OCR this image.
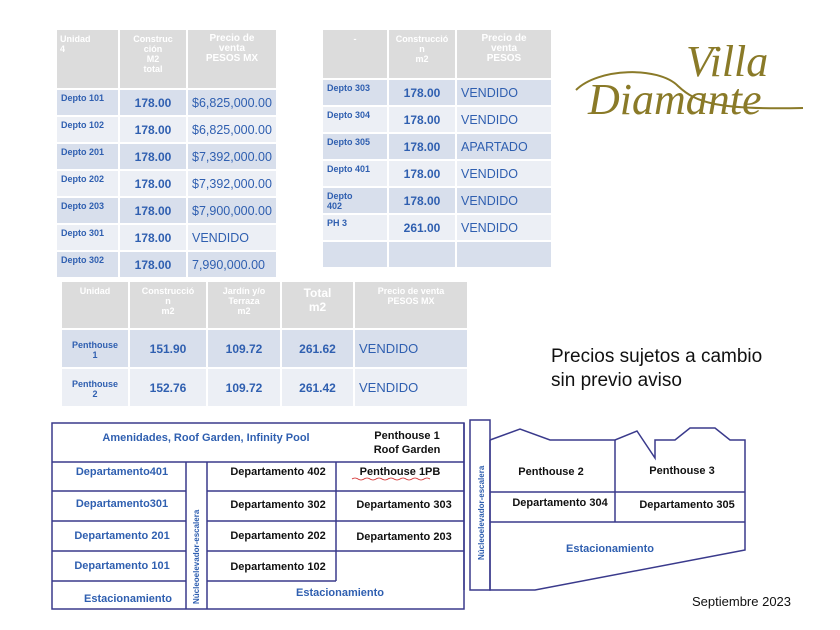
Unidad
4	Construc
ción
M2
total	Precio de
venta
PESOS MX
Depto 101	178.00	$6,825,000.00
Depto 102	178.00	$6,825,000.00
Depto 201	178.00	$7,392,000.00
Depto 202	178.00	$7,392,000.00
Depto 203	178.00	$7,900,000.00
Depto 301	178.00	VENDIDO
Depto 302	178.00	7,990,000.00
-	Construcció
n
m2	Precio de
venta
PESOS
Depto 303	178.00	VENDIDO
Depto 304	178.00	VENDIDO
Depto 305	178.00	APARTADO
Depto 401	178.00	VENDIDO
Depto
402	178.00	VENDIDO
PH 3	261.00	VENDIDO

Unidad	Construcció
n
m2	Jardín y/o
Terraza
m2	Total
m2	Precio de venta
PESOS MX
Penthouse
1	151.90	109.72	261.62	VENDIDO
Penthouse
2	152.76	109.72	261.42	VENDIDO
Villa
Diamante
Precios sujetos a cambio
sin previo aviso
Amenidades, Roof Garden, Infinity Pool	Penthouse 1
Roof Garden
Departamento401
Departamento301
Departamento 201
Departamento 101
Estacionamiento Núcleoelevador-escalera
Departamento 402
Departamento 302
Departamento 202
Departamento 102
Penthouse 1PB
Departamento 303
Departamento 203
Estacionamiento
Núcleoelevador-escalera	Penthouse 2	Penthouse 3
Departamento 304	Departamento 305
Estacionamiento
Septiembre 2023
